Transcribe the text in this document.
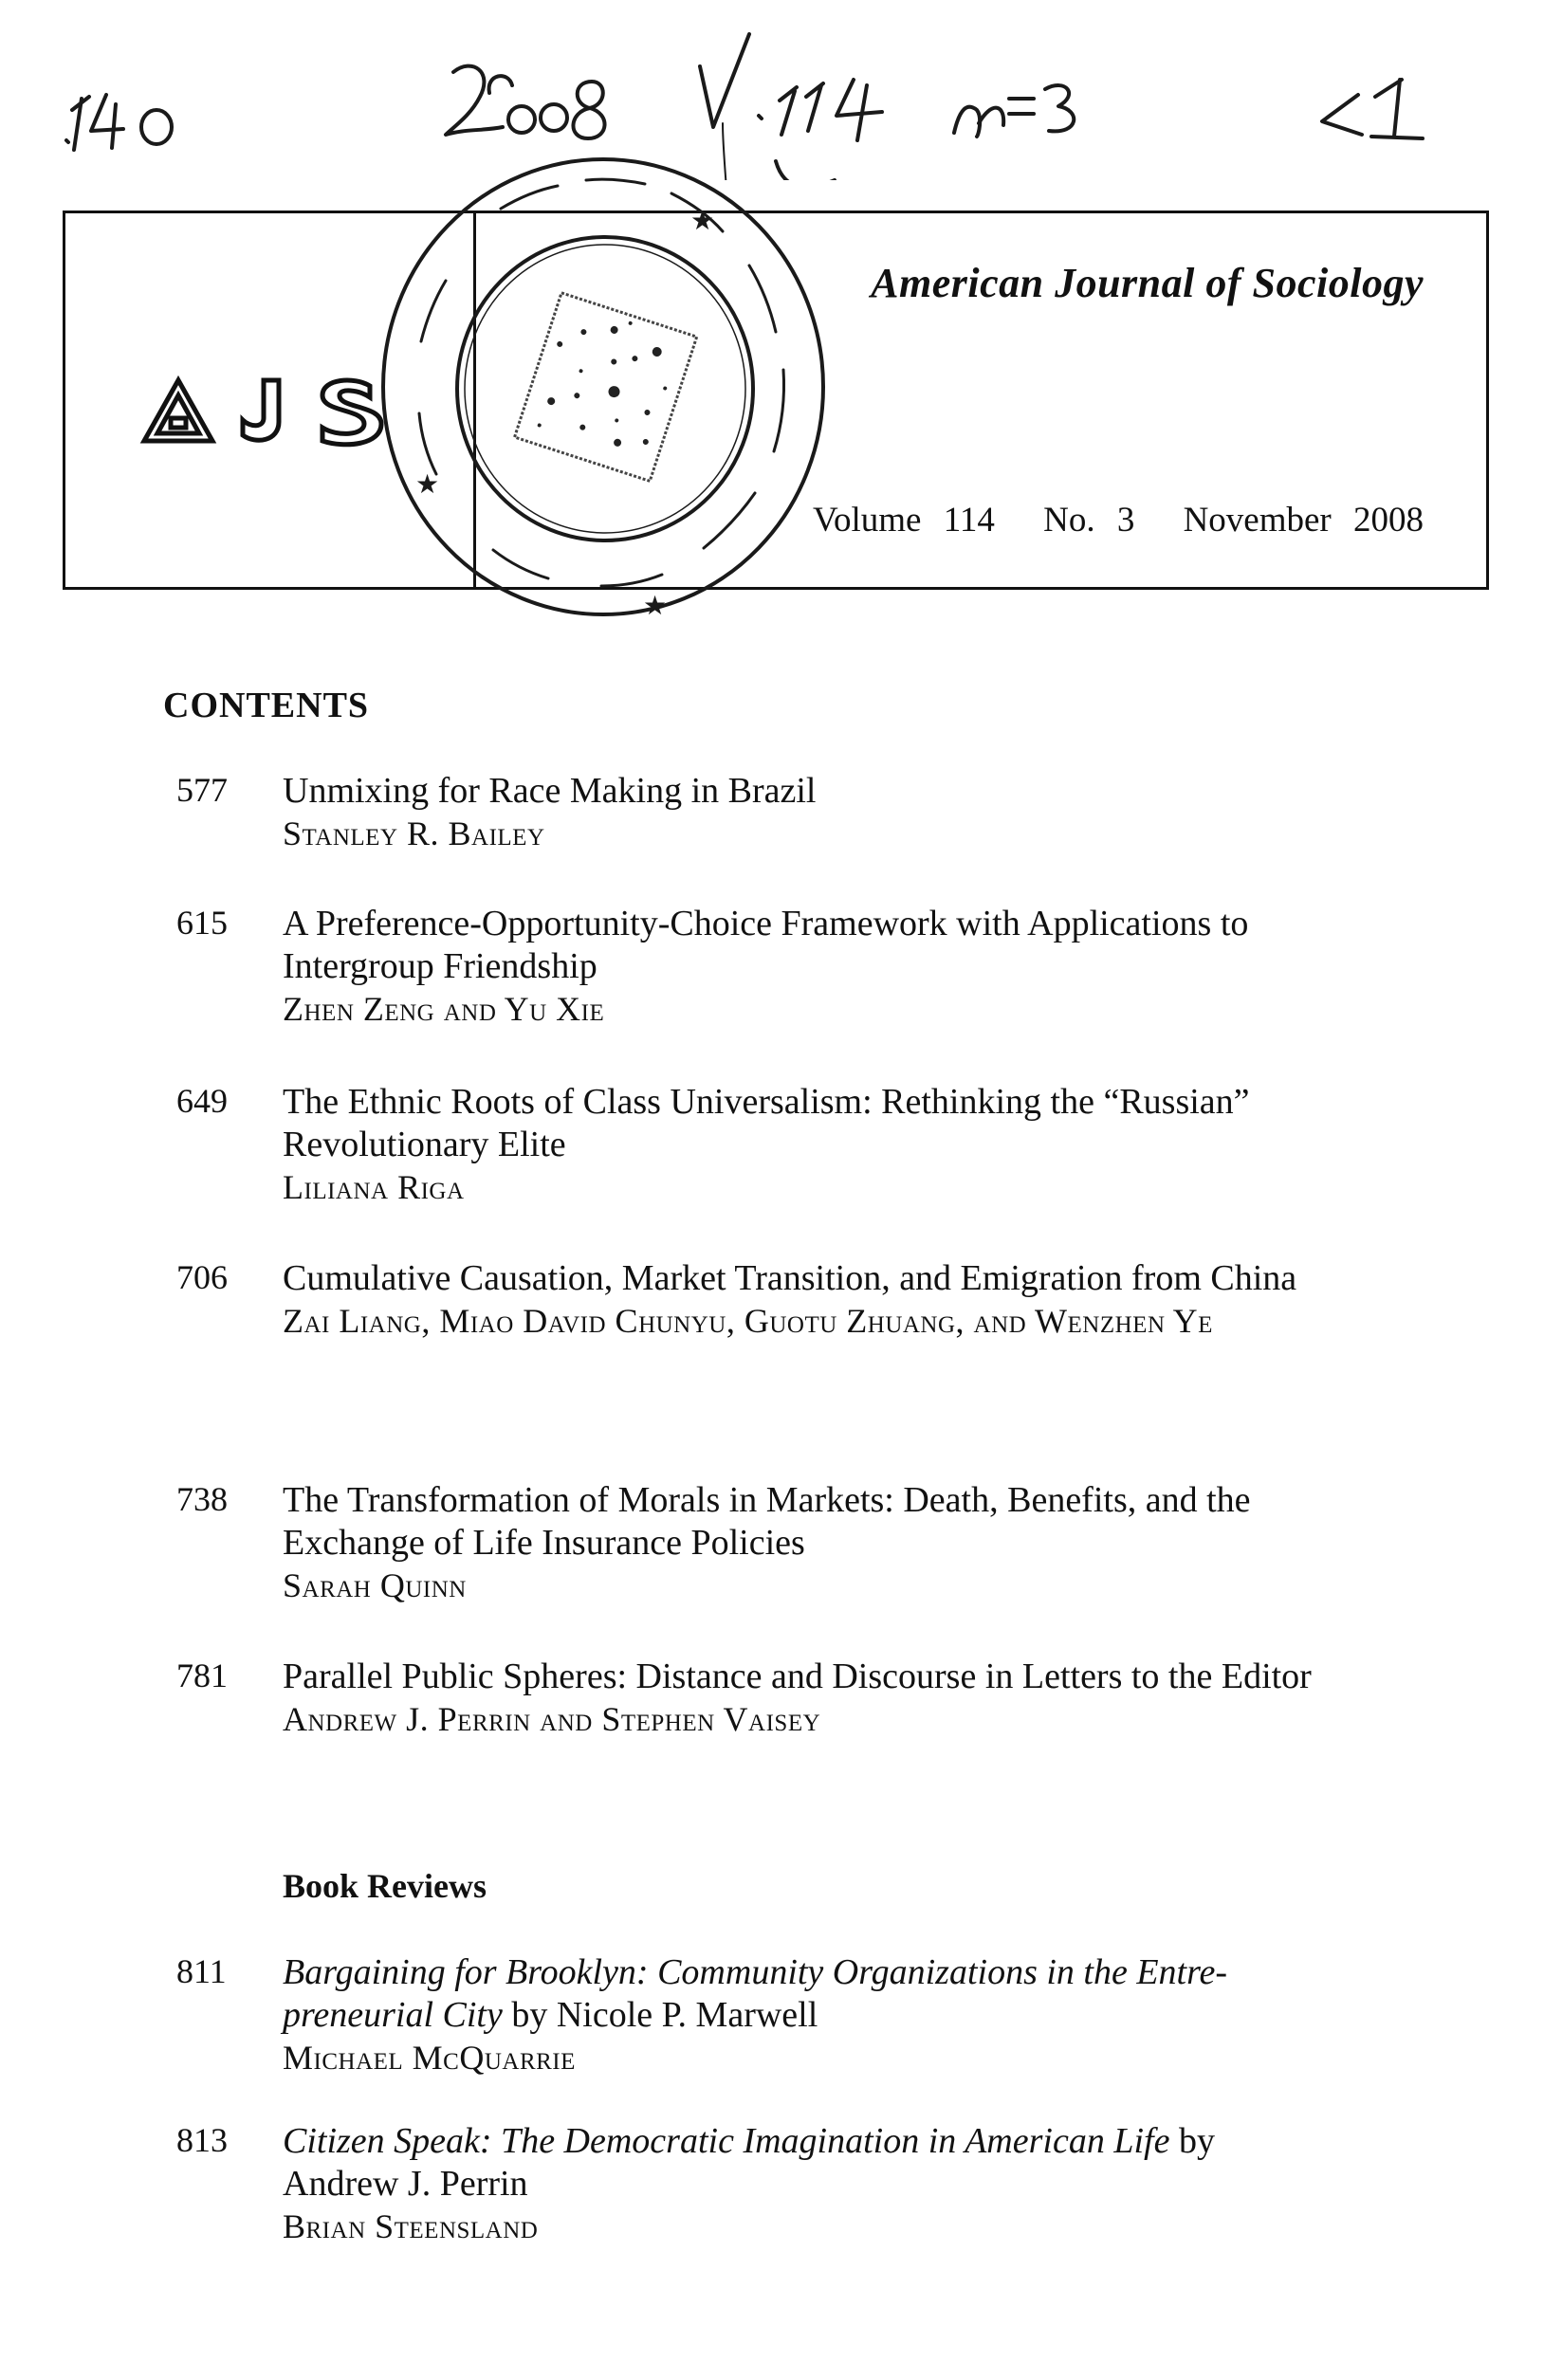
American Journal of Sociology
Volume 114 No. 3 November 2008
★
★
★
CONTENTS
577	Unmixing for Race Making in Brazil
Stanley R. Bailey
615	A Preference-Opportunity-Choice Framework with Applications to Intergroup Friendship
Zhen Zeng and Yu Xie
649	The Ethnic Roots of Class Universalism: Rethinking the “Russian” Revolutionary Elite
Liliana Riga
706	Cumulative Causation, Market Transition, and Emigration from China
Zai Liang, Miao David Chunyu, Guotu Zhuang, and Wenzhen Ye
738	The Transformation of Morals in Markets: Death, Benefits, and the Exchange of Life Insurance Policies
Sarah Quinn
781	Parallel Public Spheres: Distance and Discourse in Letters to the Editor
Andrew J. Perrin and Stephen Vaisey
Book Reviews
811	Bargaining for Brooklyn: Community Organizations in the Entre-
preneurial City by Nicole P. Marwell
Michael McQuarrie
813	Citizen Speak: The Democratic Imagination in American Life by
Andrew J. Perrin
Brian Steensland
